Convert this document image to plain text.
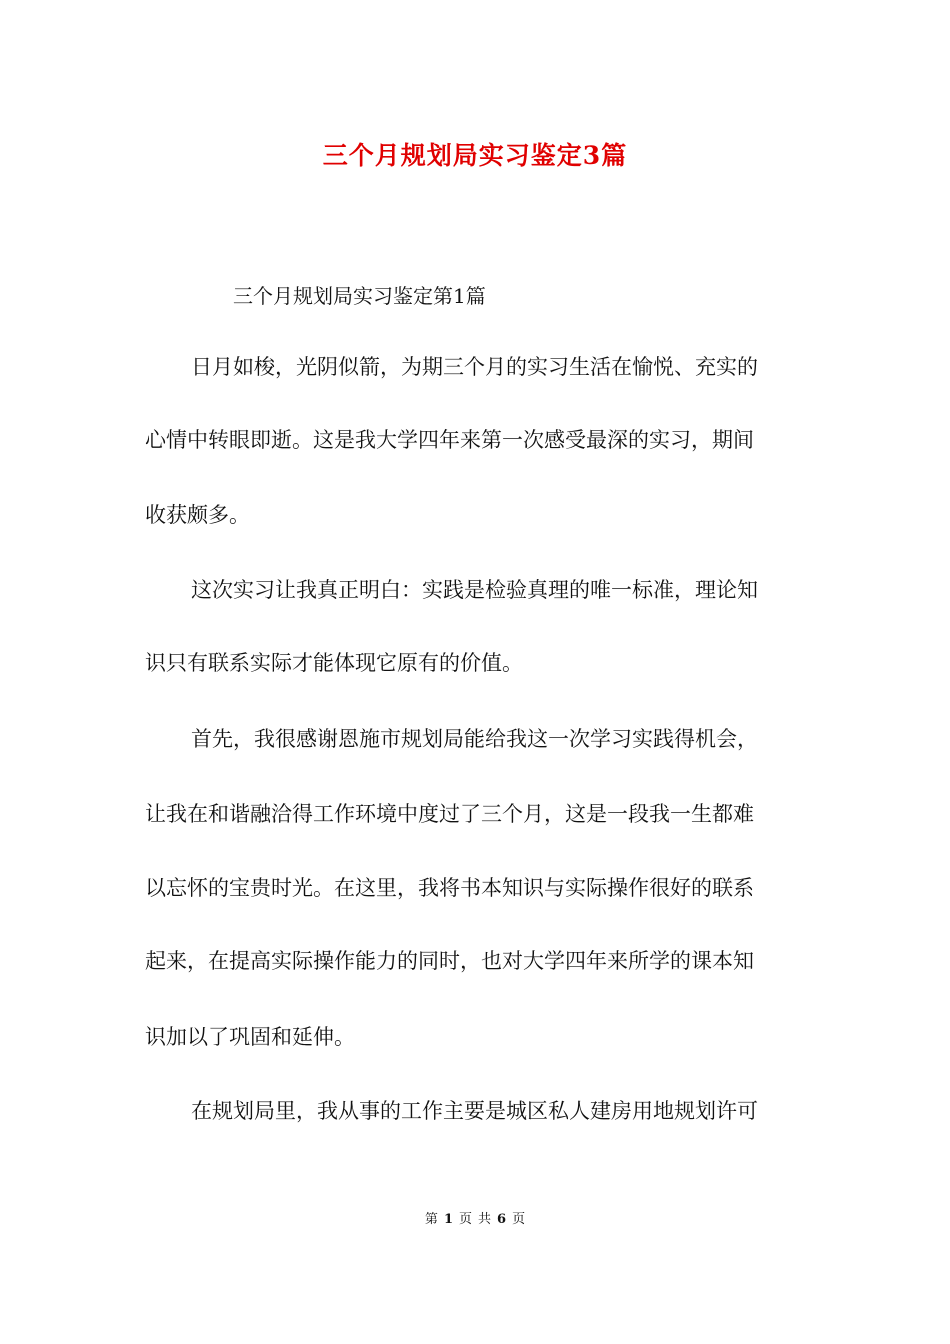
三个月规划局实习鉴定3篇

三个月规划局实习鉴定第1篇

日月如梭，光阴似箭，为期三个月的实习生活在愉悦、充实的

心情中转眼即逝。这是我大学四年来第一次感受最深的实习，期间

收获颇多。

这次实习让我真正明白：实践是检验真理的唯一标准，理论知

识只有联系实际才能体现它原有的价值。

首先，我很感谢恩施市规划局能给我这一次学习实践得机会，

让我在和谐融洽得工作环境中度过了三个月，这是一段我一生都难

以忘怀的宝贵时光。在这里，我将书本知识与实际操作很好的联系

起来，在提高实际操作能力的同时，也对大学四年来所学的课本知

识加以了巩固和延伸。

在规划局里，我从事的工作主要是城区私人建房用地规划许可

第 1 页 共 6 页
